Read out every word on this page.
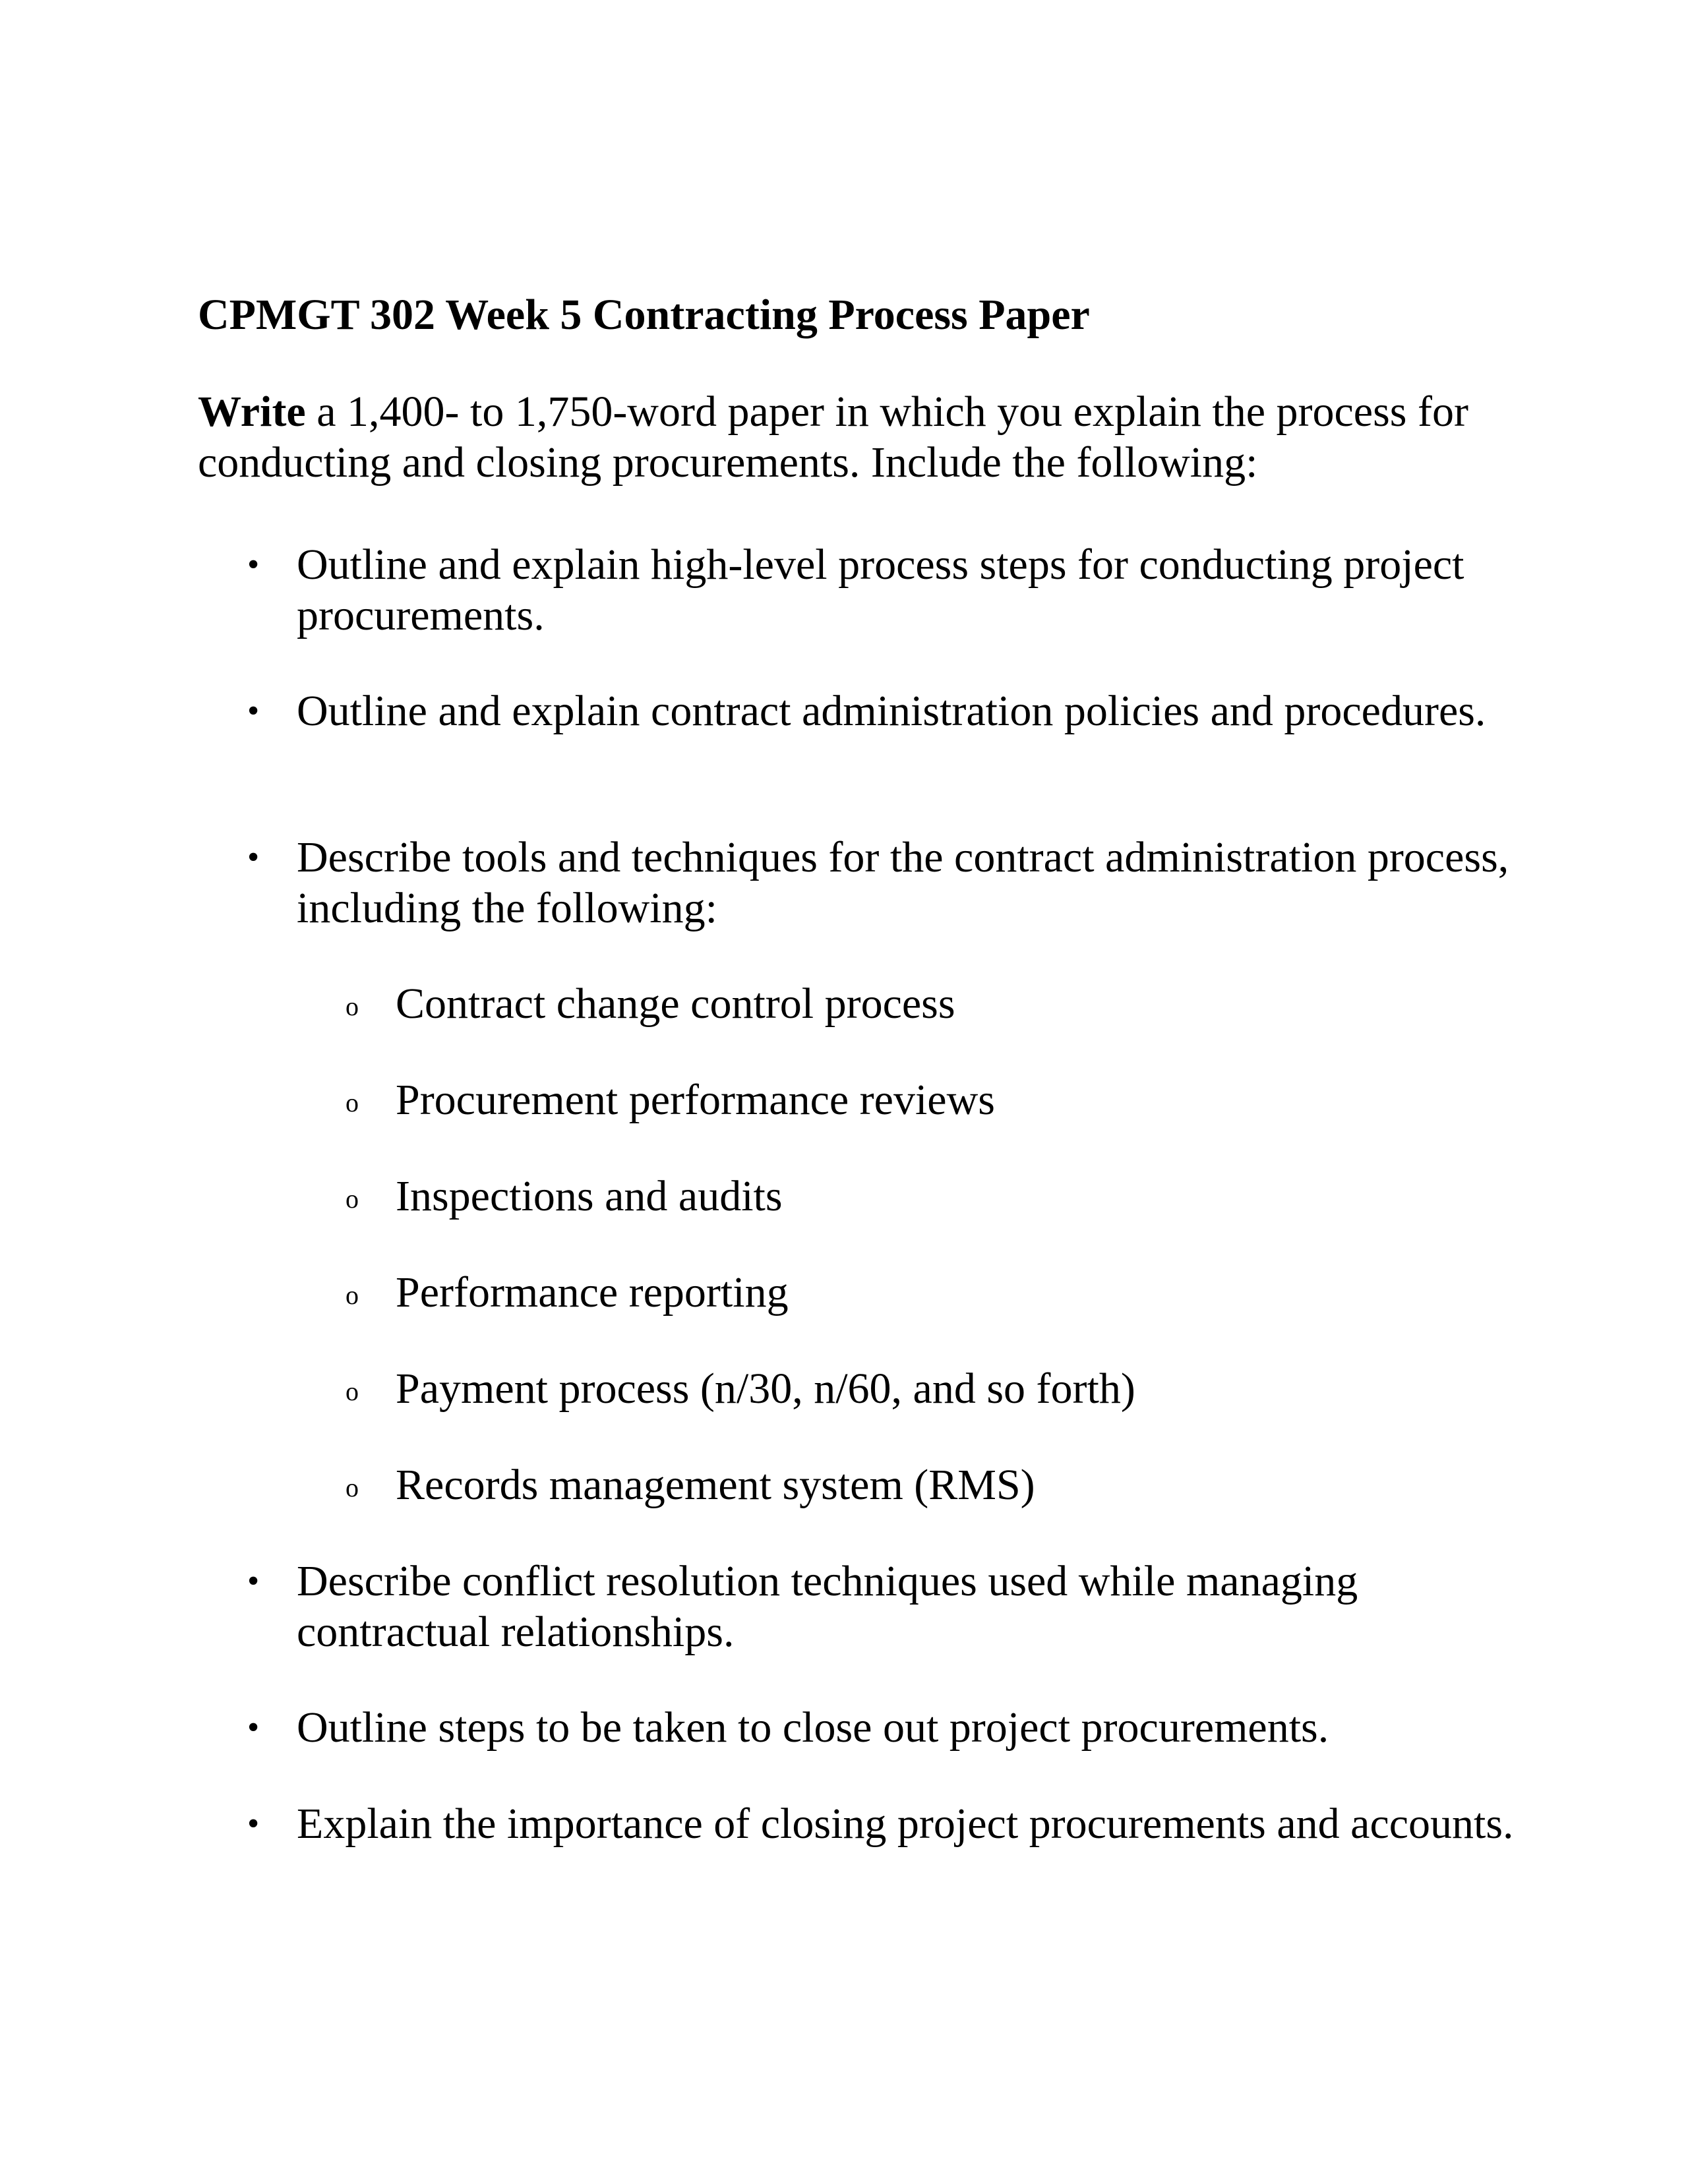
CPMGT 302 Week 5 Contracting Process Paper

Write a 1,400- to 1,750-word paper in which you explain the process for conducting and closing procurements. Include the following:

• Outline and explain high-level process steps for conducting project procurements.
• Outline and explain contract administration policies and procedures.
• Describe tools and techniques for the contract administration process, including the following:
o Contract change control process
o Procurement performance reviews
o Inspections and audits
o Performance reporting
o Payment process (n/30, n/60, and so forth)
o Records management system (RMS)
• Describe conflict resolution techniques used while managing contractual relationships.
• Outline steps to be taken to close out project procurements.
• Explain the importance of closing project procurements and accounts.
